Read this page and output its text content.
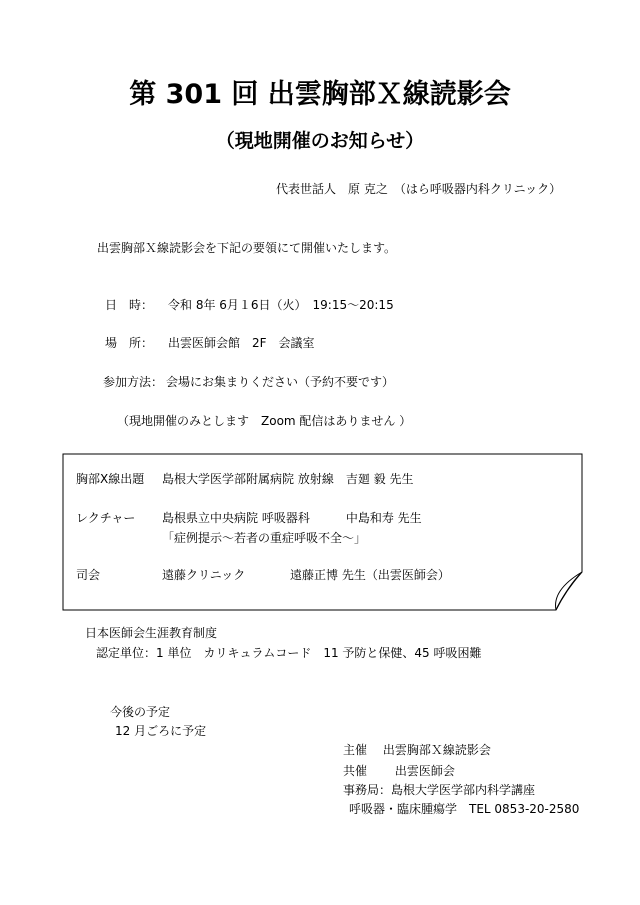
第 301 回 出雲胸部Ｘ線読影会
（現地開催のお知らせ）
代表世話人　原 克之　（はら呼吸器内科クリニック）
出雲胸部Ｘ線読影会を下記の要領にて開催いたします。
日　時： 令和 8年 6月１6日（火）　19:15～20:15
場　所： 出雲医師会館　2F　会議室
参加方法： 会場にお集まりください（予約不要です）
（現地開催のみとします　Zoom 配信はありません ）
胸部X線出題 島根大学医学部附属病院 放射線　吉廻 毅 先生
レクチャー 島根県立中央病院 呼吸器科　　　中島和寿 先生
「症例提示～若者の重症呼吸不全～」
司会	遠藤クリニック	遠藤正博 先生（出雲医師会）
日本医師会生涯教育制度
認定単位：1 単位　カリキュラムコード　11 予防と保健、45 呼吸困難
今後の予定
12 月ごろに予定
主催　 出雲胸部Ｘ線読影会
共催 　　出雲医師会
事務局：島根大学医学部内科学講座
呼吸器・臨床腫瘍学　TEL 0853-20-2580
